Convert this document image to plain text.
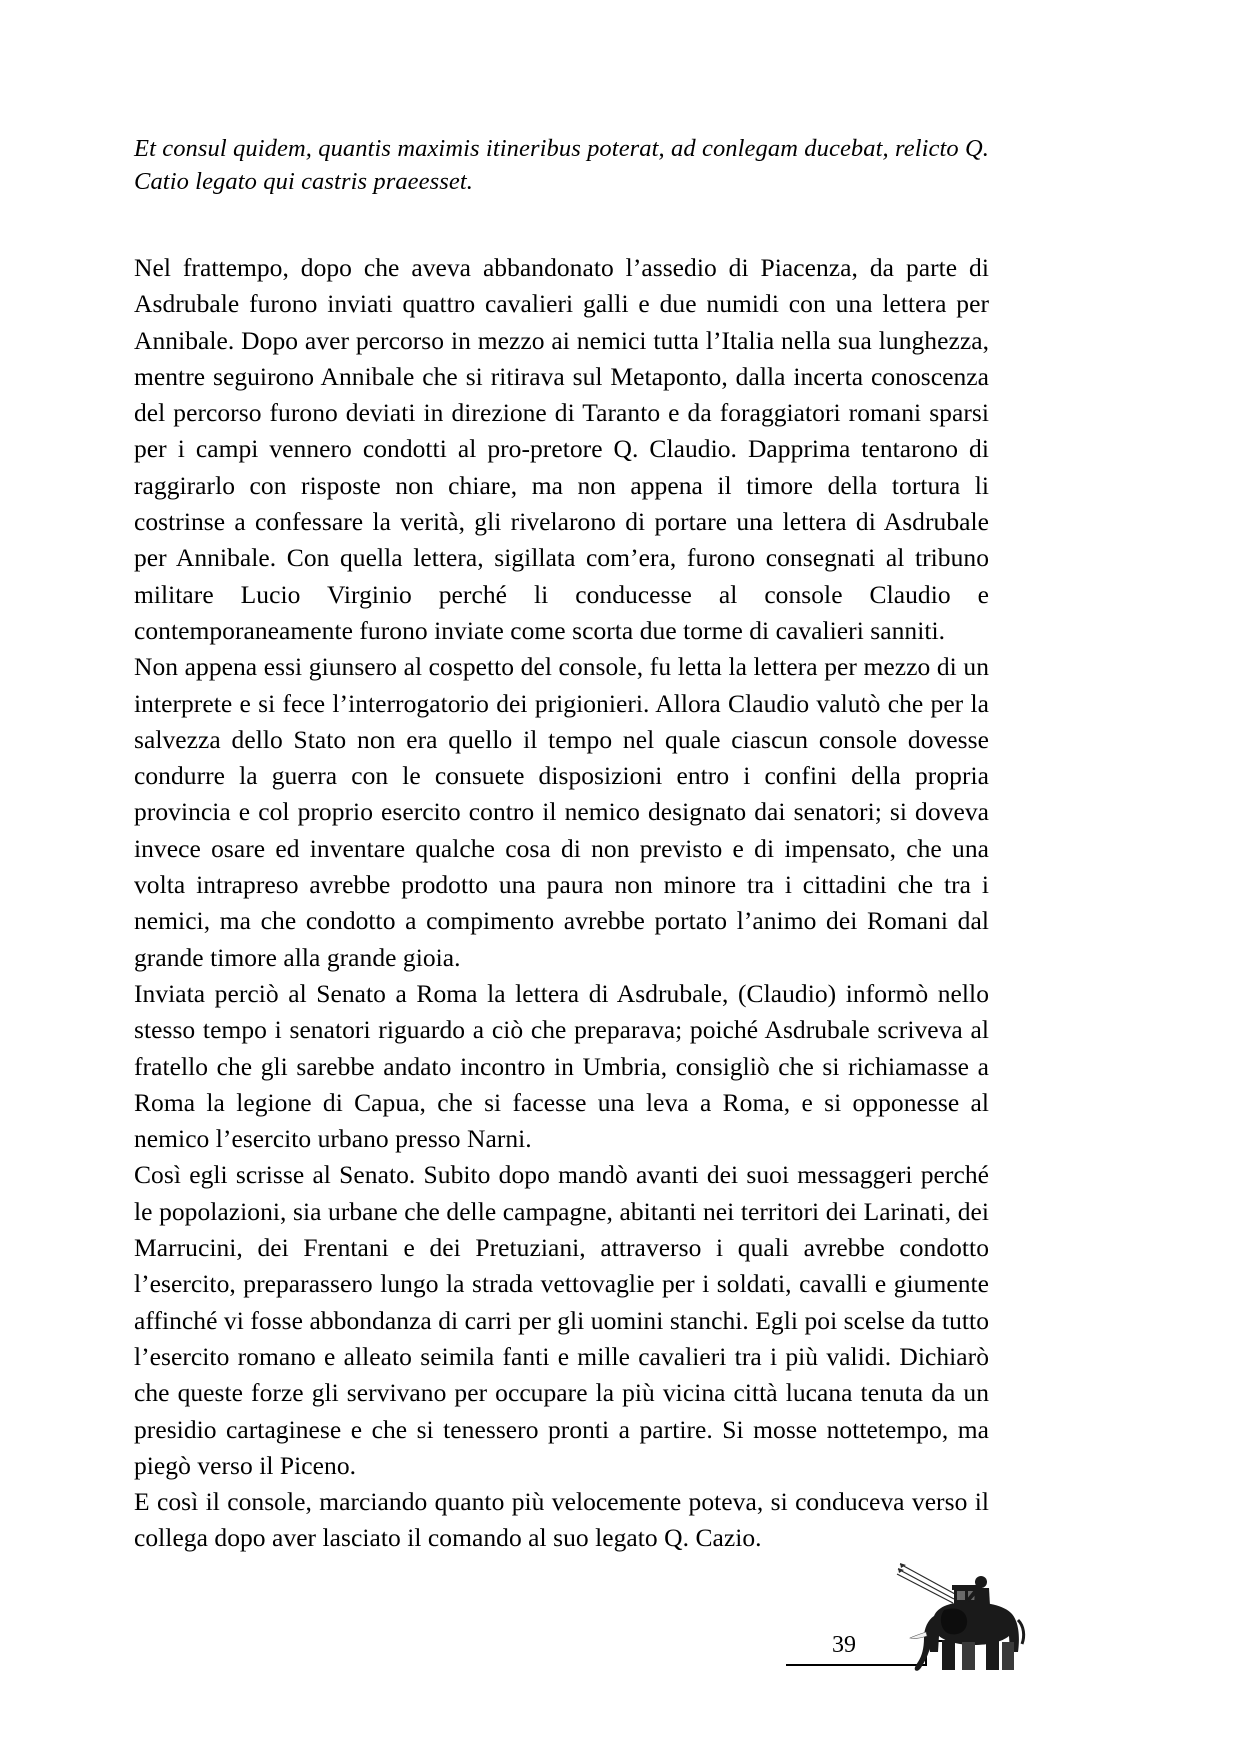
Et consul quidem, quantis maximis itineribus poterat, ad conlegam ducebat, relicto Q. Catio legato qui castris praeesset.

Nel frattempo, dopo che aveva abbandonato l’assedio di Piacenza, da parte di Asdrubale furono inviati quattro cavalieri galli e due numidi con una lettera per Annibale. Dopo aver percorso in mezzo ai nemici tutta l’Italia nella sua lunghezza, mentre seguirono Annibale che si ritirava sul Metaponto, dalla incerta conoscenza del percorso furono deviati in direzione di Taranto e da foraggiatori romani sparsi per i campi vennero condotti al pro-pretore Q. Claudio. Dapprima tentarono di raggirarlo con risposte non chiare, ma non appena il timore della tortura li costrinse a confessare la verità, gli rivelarono di portare una lettera di Asdrubale per Annibale. Con quella lettera, sigillata com’era, furono consegnati al tribuno militare Lucio Virginio perché li conducesse al console Claudio e contemporaneamente furono inviate come scorta due torme di cavalieri sanniti.

Non appena essi giunsero al cospetto del console, fu letta la lettera per mezzo di un interprete e si fece l’interrogatorio dei prigionieri. Allora Claudio valutò che per la salvezza dello Stato non era quello il tempo nel quale ciascun console dovesse condurre la guerra con le consuete disposizioni entro i confini della propria provincia e col proprio esercito contro il nemico designato dai senatori; si doveva invece osare ed inventare qualche cosa di non previsto e di impensato, che una volta intrapreso avrebbe prodotto una paura non minore tra i cittadini che tra i nemici, ma che condotto a compimento avrebbe portato l’animo dei Romani dal grande timore alla grande gioia.

Inviata perciò al Senato a Roma la lettera di Asdrubale, (Claudio) informò nello stesso tempo i senatori riguardo a ciò che preparava; poiché Asdrubale scriveva al fratello che gli sarebbe andato incontro in Umbria, consigliò che si richiamasse a Roma la legione di Capua, che si facesse una leva a Roma, e si opponesse al nemico l’esercito urbano presso Narni.

Così egli scrisse al Senato. Subito dopo mandò avanti dei suoi messaggeri perché le popolazioni, sia urbane che delle campagne, abitanti nei territori dei Larinati, dei Marrucini, dei Frentani e dei Pretuziani, attraverso i quali avrebbe condotto l’esercito, preparassero lungo la strada vettovaglie per i soldati, cavalli e giumente affinché vi fosse abbondanza di carri per gli uomini stanchi. Egli poi scelse da tutto l’esercito romano e alleato seimila fanti e mille cavalieri tra i più validi. Dichiarò che queste forze gli servivano per occupare la più vicina città lucana tenuta da un presidio cartaginese e che si tenessero pronti a partire. Si mosse nottetempo, ma piegò verso il Piceno.

E così il console, marciando quanto più velocemente poteva, si conduceva verso il collega dopo aver lasciato il comando al suo legato Q. Cazio.

39
